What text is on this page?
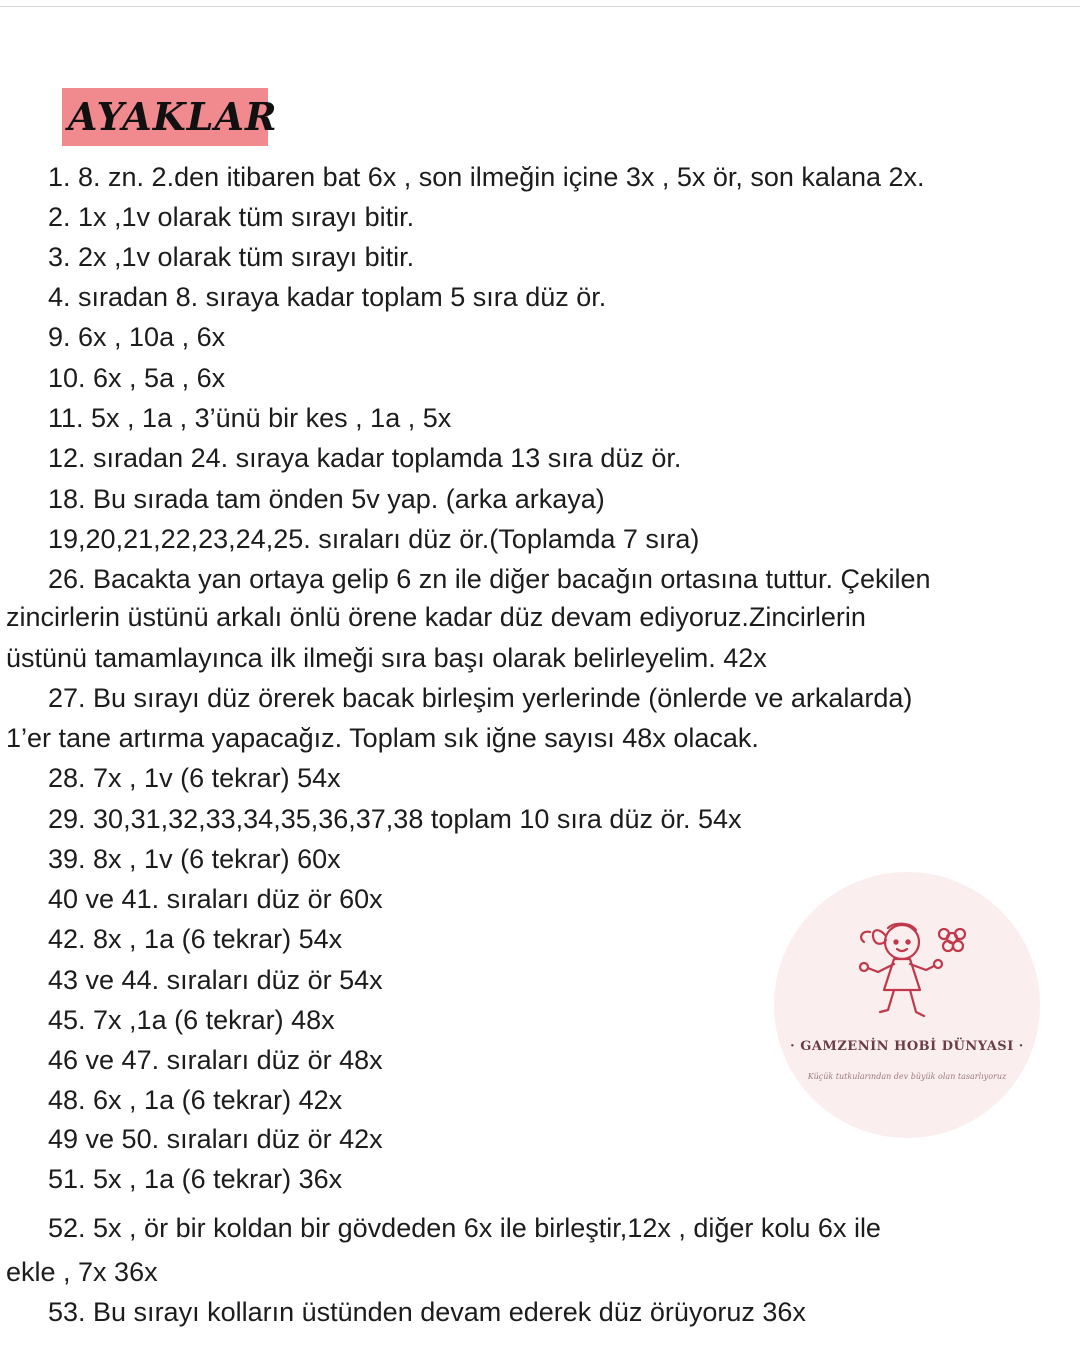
AYAKLAR
1. 8. zn. 2.den itibaren bat 6x , son ilmeğin içine 3x , 5x ör, son kalana 2x.
2. 1x ,1v olarak tüm sırayı bitir.
3. 2x ,1v olarak tüm sırayı bitir.
4. sıradan 8. sıraya kadar toplam 5 sıra düz ör.
9. 6x , 10a , 6x
10. 6x , 5a , 6x
11. 5x , 1a , 3’ünü bir kes , 1a , 5x
12. sıradan 24. sıraya kadar toplamda 13 sıra düz ör.
18. Bu sırada tam önden 5v yap. (arka arkaya)
19,20,21,22,23,24,25. sıraları düz ör.(Toplamda 7 sıra)
26. Bacakta yan ortaya gelip 6 zn ile diğer bacağın ortasına tuttur. Çekilen
zincirlerin üstünü arkalı önlü örene kadar düz devam ediyoruz.Zincirlerin
üstünü tamamlayınca ilk ilmeği sıra başı olarak belirleyelim. 42x
27. Bu sırayı düz örerek bacak birleşim yerlerinde (önlerde ve arkalarda)
1’er tane artırma yapacağız. Toplam sık iğne sayısı 48x olacak.
28. 7x , 1v (6 tekrar) 54x
29. 30,31,32,33,34,35,36,37,38 toplam 10 sıra düz ör. 54x
39. 8x , 1v (6 tekrar) 60x
40 ve 41. sıraları düz ör 60x
42. 8x , 1a (6 tekrar) 54x
43 ve 44. sıraları düz ör 54x
45. 7x ,1a (6 tekrar) 48x
46 ve 47. sıraları düz ör 48x
48. 6x , 1a (6 tekrar) 42x
49 ve 50. sıraları düz ör 42x
51. 5x , 1a (6 tekrar) 36x
52. 5x , ör bir koldan bir gövdeden 6x ile birleştir,12x , diğer kolu 6x ile
ekle , 7x 36x
53. Bu sırayı kolların üstünden devam ederek düz örüyoruz 36x
· GAMZENİN HOBİ DÜNYASI ·
Küçük tutkularından dev büyük olan tasarlıyoruz
